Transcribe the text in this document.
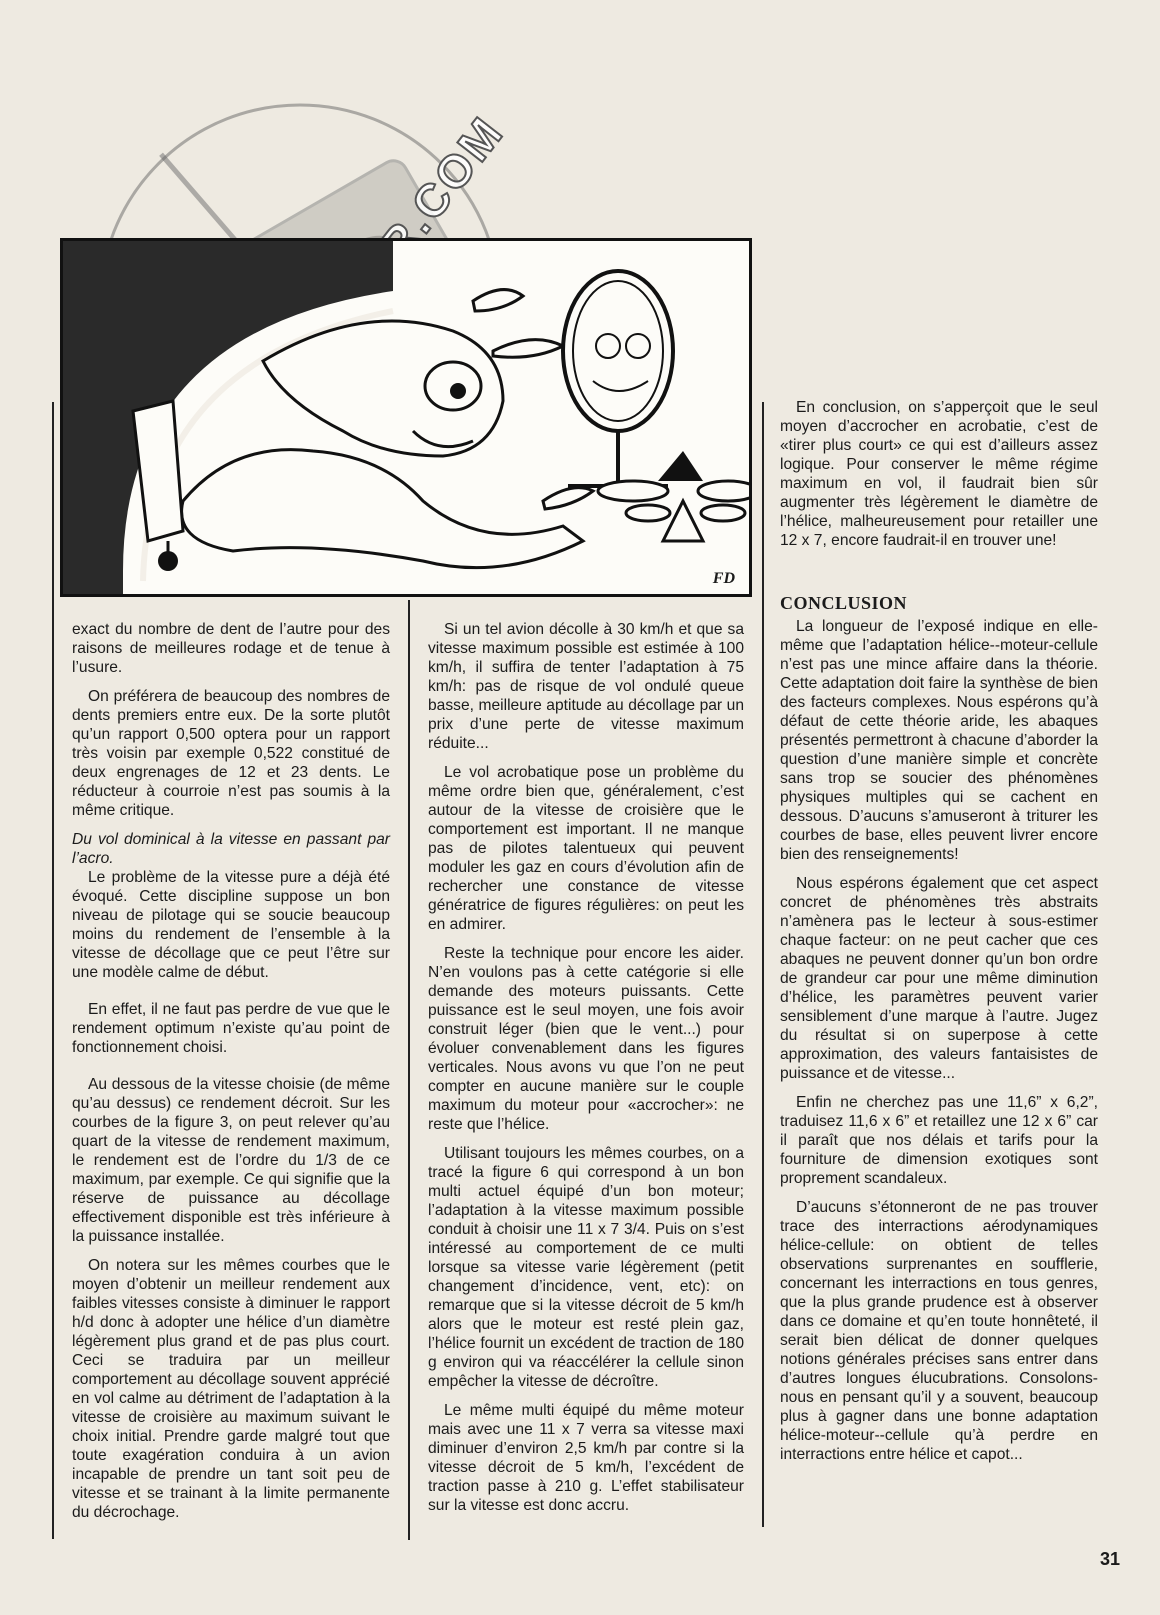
FD

exact du nombre de dent de l’autre pour des raisons de meilleures rodage et de tenue à l’usure.

On préférera de beaucoup des nombres de dents premiers entre eux. De la sorte plutôt qu’un rapport 0,500 optera pour un rapport très voisin par exemple 0,522 constitué de deux engrenages de 12 et 23 dents. Le réducteur à courroie n’est pas soumis à la même critique.

Du vol dominical à la vitesse en passant par l’acro.

Le problème de la vitesse pure a déjà été évoqué. Cette discipline suppose un bon niveau de pilotage qui se soucie beaucoup moins du rendement de l’ensemble à la vitesse de décollage que ce peut l’être sur une modèle calme de début.

En effet, il ne faut pas perdre de vue que le rendement optimum n’existe qu’au point de fonctionnement choisi.

Au dessous de la vitesse choisie (de même qu’au dessus) ce rendement décroit. Sur les courbes de la figure 3, on peut relever qu’au quart de la vitesse de rendement maximum, le rendement est de l’ordre du 1/3 de ce maximum, par exemple. Ce qui signifie que la réserve de puissance au décollage effectivement disponible est très inférieure à la puissance installée.

On notera sur les mêmes courbes que le moyen d’obtenir un meilleur rendement aux faibles vitesses consiste à diminuer le rapport h/d donc à adopter une hélice d’un diamètre légèrement plus grand et de pas plus court. Ceci se traduira par un meilleur comportement au décollage souvent apprécié en vol calme au détriment de l’adaptation à la vitesse de croisière au maximum suivant le choix initial. Prendre garde malgré tout que toute exagération conduira à un avion incapable de prendre un tant soit peu de vitesse et se trainant à la limite permanente du décrochage.

Si un tel avion décolle à 30 km/h et que sa vitesse maximum possible est estimée à 100 km/h, il suffira de tenter l’adaptation à 75 km/h: pas de risque de vol ondulé queue basse, meilleure aptitude au décollage par un prix d’une perte de vitesse maximum réduite...

Le vol acrobatique pose un problème du même ordre bien que, généralement, c’est autour de la vitesse de croisière que le comportement est important. Il ne manque pas de pilotes talentueux qui peuvent moduler les gaz en cours d’évolution afin de rechercher une constance de vitesse génératrice de figures régulières: on peut les en admirer.

Reste la technique pour encore les aider. N’en voulons pas à cette catégorie si elle demande des moteurs puissants. Cette puissance est le seul moyen, une fois avoir construit léger (bien que le vent...) pour évoluer convenablement dans les figures verticales. Nous avons vu que l’on ne peut compter en aucune manière sur le couple maximum du moteur pour «accrocher»: ne reste que l’hélice.

Utilisant toujours les mêmes courbes, on a tracé la figure 6 qui correspond à un bon multi actuel équipé d’un bon moteur; l’adaptation à la vitesse maximum possible conduit à choisir une 11 x 7 3/4. Puis on s’est intéressé au comportement de ce multi lorsque sa vitesse varie légèrement (petit changement d’incidence, vent, etc): on remarque que si la vitesse décroit de 5 km/h alors que le moteur est resté plein gaz, l’hélice fournit un excédent de traction de 180 g environ qui va réaccélérer la cellule sinon empêcher la vitesse de décroître.

Le même multi équipé du même moteur mais avec une 11 x 7 verra sa vitesse maxi diminuer d’environ 2,5 km/h par contre si la vitesse décroit de 5 km/h, l’excédent de traction passe à 210 g. L’effet stabilisateur sur la vitesse est donc accru.

En conclusion, on s’apperçoit que le seul moyen d’accrocher en acrobatie, c’est de «tirer plus court» ce qui est d’ailleurs assez logique. Pour conserver le même régime maximum en vol, il faudrait bien sûr augmenter très légèrement le diamètre de l’hélice, malheureusement pour retailler une 12 x 7, encore faudrait-il en trouver une!

CONCLUSION

La longueur de l’exposé indique en elle-même que l’adaptation hélice--moteur-cellule n’est pas une mince affaire dans la théorie. Cette adaptation doit faire la synthèse de bien des facteurs complexes. Nous espérons qu’à défaut de cette théorie aride, les abaques présentés permettront à chacune d’aborder la question d’une manière simple et concrète sans trop se soucier des phénomènes physiques multiples qui se cachent en dessous. D’aucuns s’amuseront à triturer les courbes de base, elles peuvent livrer encore bien des renseignements!

Nous espérons également que cet aspect concret de phénomènes très abstraits n’amènera pas le lecteur à sous-estimer chaque facteur: on ne peut cacher que ces abaques ne peuvent donner qu’un bon ordre de grandeur car pour une même diminution d’hélice, les paramètres peuvent varier sensiblement d’une marque à l’autre. Jugez du résultat si on superpose à cette approximation, des valeurs fantaisistes de puissance et de vitesse...

Enfin ne cherchez pas une 11,6” x 6,2”, traduisez 11,6 x 6” et retaillez une 12 x 6” car il paraît que nos délais et tarifs pour la fourniture de dimension exotiques sont proprement scandaleux.

D’aucuns s’étonneront de ne pas trouver trace des interractions aérodynamiques hélice-cellule: on obtient de telles observations surprenantes en soufflerie, concernant les interractions en tous genres, que la plus grande prudence est à observer dans ce domaine et qu’en toute honnêteté, il serait bien délicat de donner quelques notions générales précises sans entrer dans d’autres longues élucubrations. Consolons-nous en pensant qu’il y a souvent, beaucoup plus à gagner dans une bonne adaptation hélice-moteur--cellule qu’à perdre en interractions entre hélice et capot...

31
